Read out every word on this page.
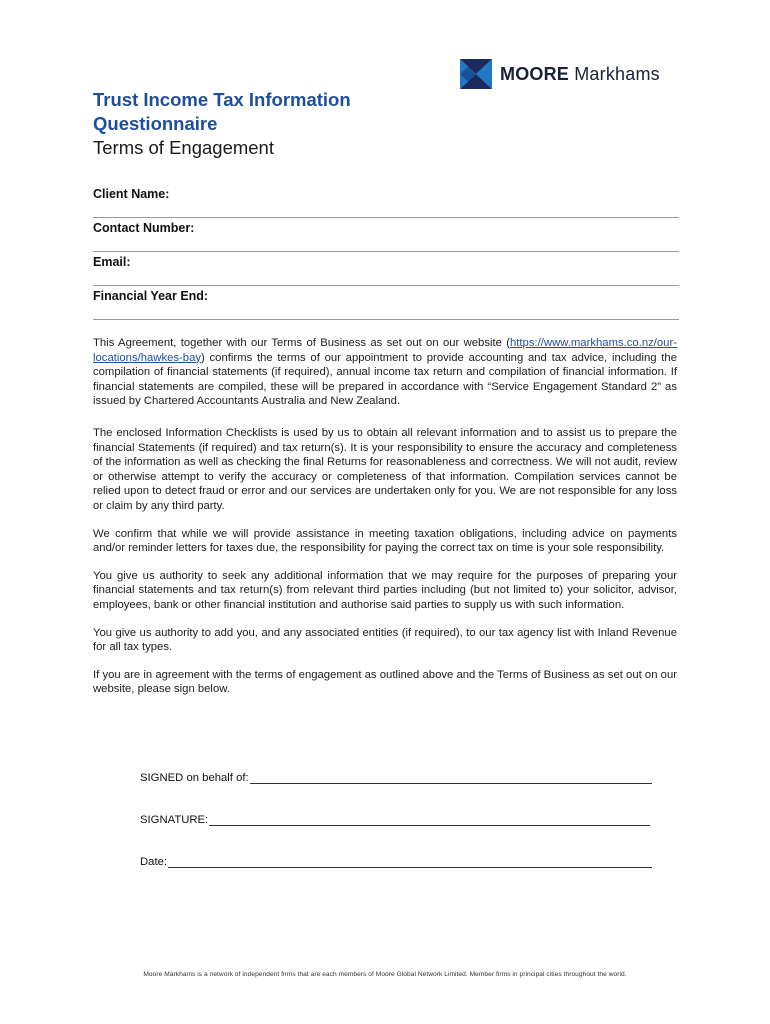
MOORE Markhams
Trust Income Tax Information
Questionnaire
Terms of Engagement
Client Name:
Contact Number:
Email:
Financial Year End:

This Agreement, together with our Terms of Business as set out on our website (https://www.markhams.co.nz/our-locations/hawkes-bay) confirms the terms of our appointment to provide accounting and tax advice, including the compilation of financial statements (if required), annual income tax return and compilation of financial information. If financial statements are compiled, these will be prepared in accordance with “Service Engagement Standard 2” as issued by Chartered Accountants Australia and New Zealand.

The enclosed Information Checklists is used by us to obtain all relevant information and to assist us to prepare the financial Statements (if required) and tax return(s). It is your responsibility to ensure the accuracy and completeness of the information as well as checking the final Returns for reasonableness and correctness. We will not audit, review or otherwise attempt to verify the accuracy or completeness of that information. Compilation services cannot be relied upon to detect fraud or error and our services are undertaken only for you. We are not responsible for any loss or claim by any third party.

We confirm that while we will provide assistance in meeting taxation obligations, including advice on payments and/or reminder letters for taxes due, the responsibility for paying the correct tax on time is your sole responsibility.

You give us authority to seek any additional information that we may require for the purposes of preparing your financial statements and tax return(s) from relevant third parties including (but not limited to) your solicitor, advisor, employees, bank or other financial institution and authorise said parties to supply us with such information.

You give us authority to add you, and any associated entities (if required), to our tax agency list with Inland Revenue for all tax types.

If you are in agreement with the terms of engagement as outlined above and the Terms of Business as set out on our website, please sign below.

SIGNED on behalf of:
SIGNATURE:
Date:
Moore Markhams is a network of independent firms that are each members of Moore Global Network Limited. Member firms in principal cities throughout the world.
